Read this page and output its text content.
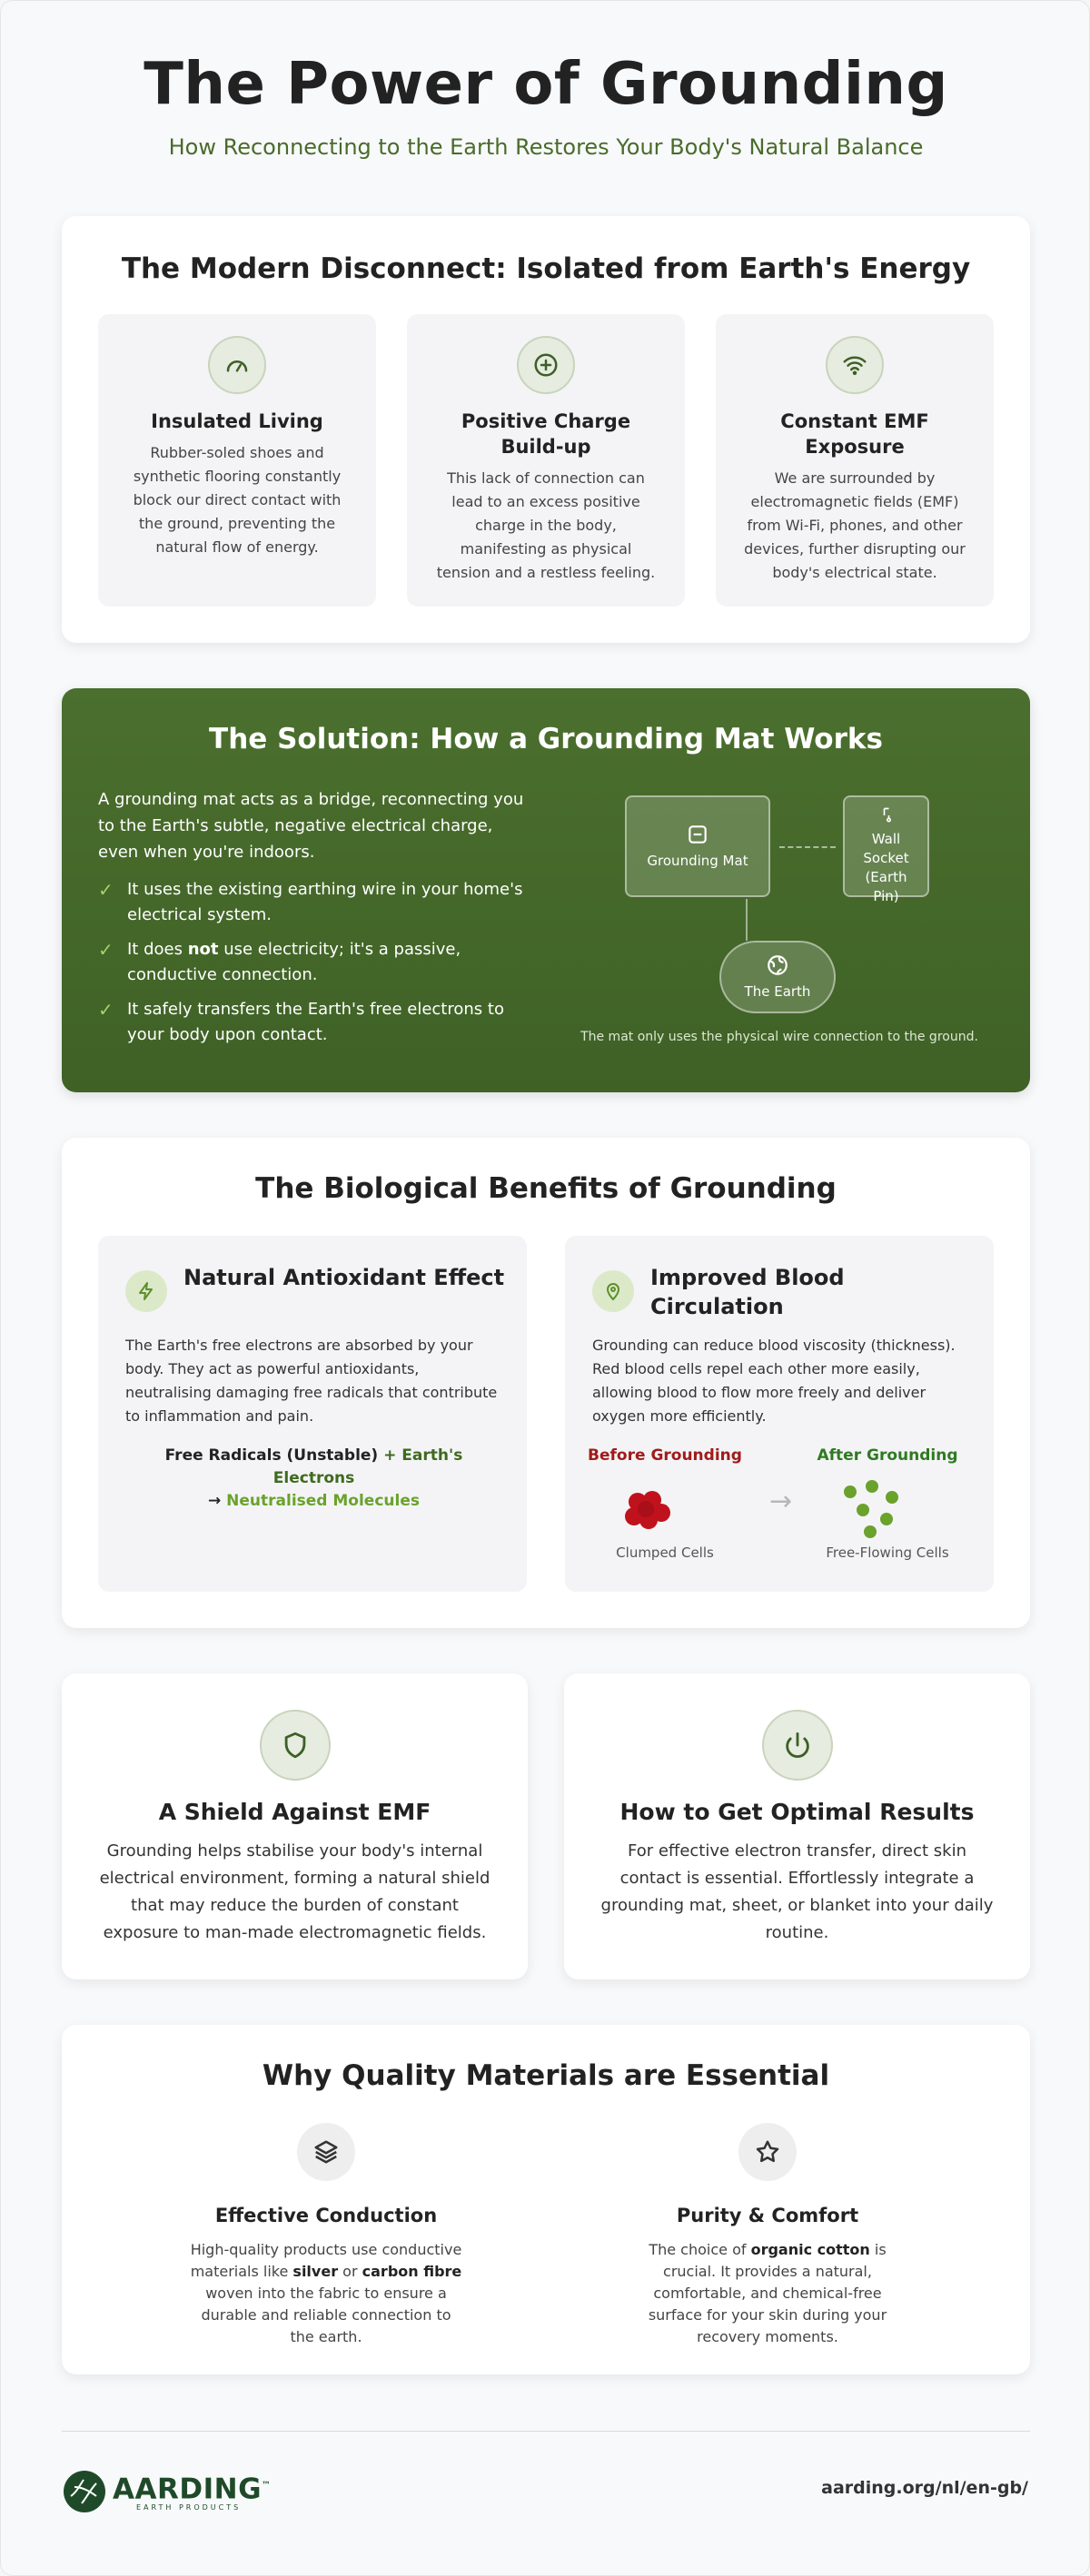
The Power of Grounding
How Reconnecting to the Earth Restores Your Body's Natural Balance
The Modern Disconnect: Isolated from Earth's Energy
Insulated Living

Rubber-soled shoes and synthetic flooring constantly block our direct contact with the ground, preventing the natural flow of energy.

Positive Charge Build-up

This lack of connection can lead to an excess positive charge in the body, manifesting as physical tension and a restless feeling.

Constant EMF Exposure

We are surrounded by electromagnetic fields (EMF) from Wi-Fi, phones, and other devices, further disrupting our body's electrical state.

The Solution: How a Grounding Mat Works
A grounding mat acts as a bridge, reconnecting you to the Earth's subtle, negative electrical charge, even when you're indoors.
✓ It uses the existing earthing wire in your home's electrical system.
✓ It does not use electricity; it's a passive, conductive connection.
✓ It safely transfers the Earth's free electrons to your body upon contact.
Grounding Mat
Wall Socket (Earth Pin)
The Earth
The mat only uses the physical wire connection to the ground.
The Biological Benefits of Grounding
Natural Antioxidant Effect

The Earth's free electrons are absorbed by your body. They act as powerful antioxidants, neutralising damaging free radicals that contribute to inflammation and pain.

Free Radicals (Unstable) + Earth's Electrons
→ Neutralised Molecules
Improved Blood Circulation

Grounding can reduce blood viscosity (thickness). Red blood cells repel each other more easily, allowing blood to flow more freely and deliver oxygen more efficiently.

Before Grounding	After Grounding
→
Clumped Cells	Free-Flowing Cells
A Shield Against EMF

Grounding helps stabilise your body's internal electrical environment, forming a natural shield that may reduce the burden of constant exposure to man-made electromagnetic fields.

How to Get Optimal Results

For effective electron transfer, direct skin contact is essential. Effortlessly integrate a grounding mat, sheet, or blanket into your daily routine.

Why Quality Materials are Essential
Effective Conduction

High-quality products use conductive materials like silver or carbon fibre woven into the fabric to ensure a durable and reliable connection to the earth.

Purity & Comfort

The choice of organic cotton is crucial. It provides a natural, comfortable, and chemical-free surface for your skin during your recovery moments.

AARDING™
EARTH PRODUCTS
aarding.org/nl/en-gb/
